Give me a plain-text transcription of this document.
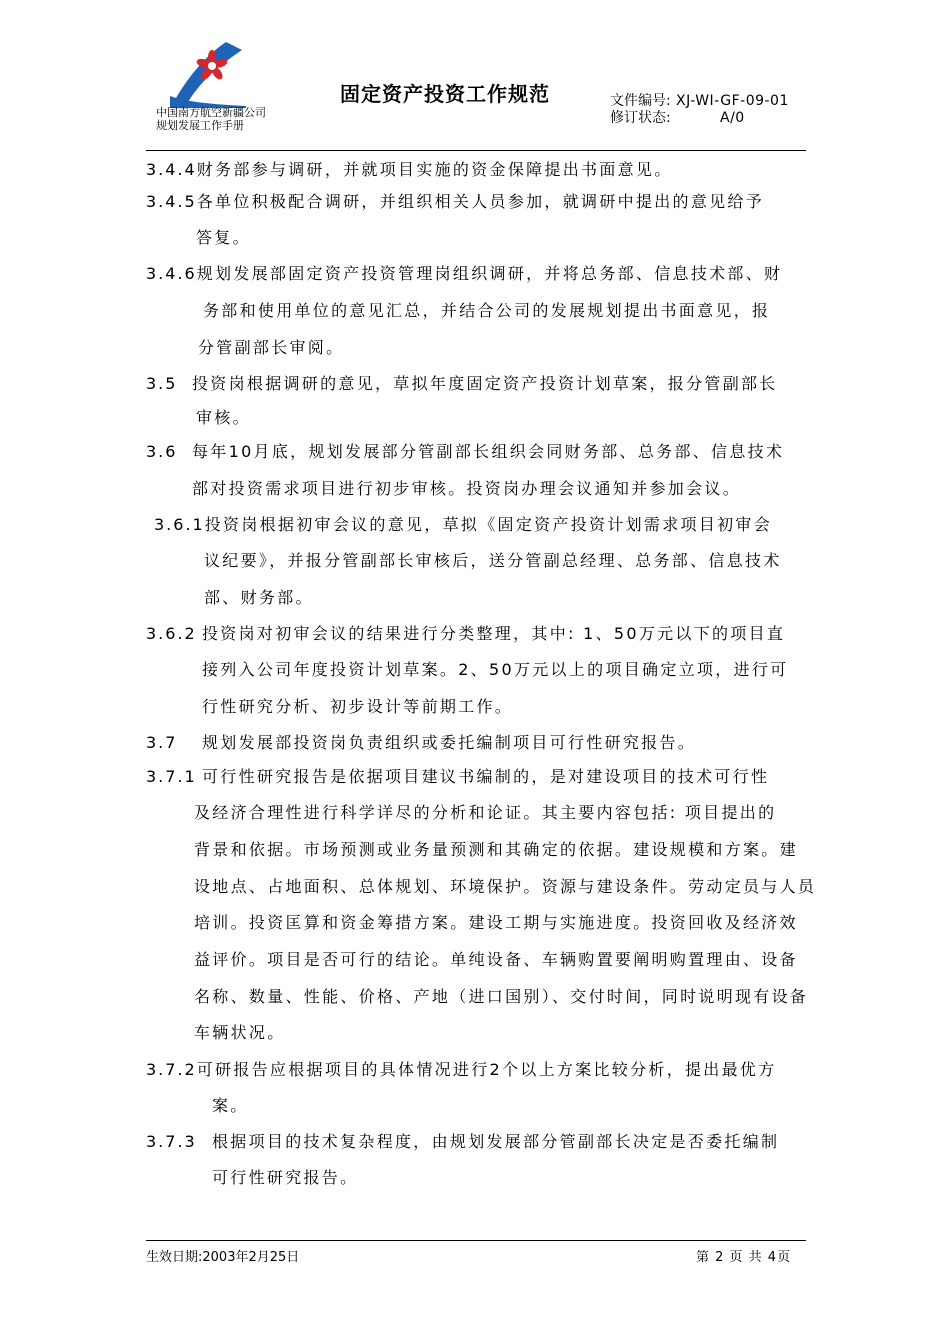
中国南方航空新疆公司
规划发展工作手册
固定资产投资工作规范	文件编号: XJ-WI-GF-09-01
修订状态:	A/0
3.4.4财务部参与调研，并就项目实施的资金保障提出书面意见。
3.4.5各单位积极配合调研，并组织相关人员参加，就调研中提出的意见给予
答复。
3.4.6规划发展部固定资产投资管理岗组织调研，并将总务部、信息技术部、财
务部和使用单位的意见汇总，并结合公司的发展规划提出书面意见，报
分管副部长审阅。
3.5 投资岗根据调研的意见，草拟年度固定资产投资计划草案，报分管副部长
审核。
3.6 每年10月底，规划发展部分管副部长组织会同财务部、总务部、信息技术
部对投资需求项目进行初步审核。投资岗办理会议通知并参加会议。
3.6.1投资岗根据初审会议的意见，草拟《固定资产投资计划需求项目初审会
议纪要》，并报分管副部长审核后，送分管副总经理、总务部、信息技术
部、财务部。
3.6.2 投资岗对初审会议的结果进行分类整理，其中: 1、50万元以下的项目直
接列入公司年度投资计划草案。2、50万元以上的项目确定立项，进行可
行性研究分析、初步设计等前期工作。
3.7 规划发展部投资岗负责组织或委托编制项目可行性研究报告。
3.7.1 可行性研究报告是依据项目建议书编制的，是对建设项目的技术可行性
及经济合理性进行科学详尽的分析和论证。其主要内容包括: 项目提出的
背景和依据。市场预测或业务量预测和其确定的依据。建设规模和方案。建
设地点、占地面积、总体规划、环境保护。资源与建设条件。劳动定员与人员
培训。投资匡算和资金筹措方案。建设工期与实施进度。投资回收及经济效
益评价。项目是否可行的结论。单纯设备、车辆购置要阐明购置理由、设备
名称、数量、性能、价格、产地（进口国别）、交付时间，同时说明现有设备
车辆状况。
3.7.2可研报告应根据项目的具体情况进行2个以上方案比较分析，提出最优方
案。
3.7.3 根据项目的技术复杂程度，由规划发展部分管副部长决定是否委托编制
可行性研究报告。
生效日期:2003年2月25日	第 2 页 共 4页
